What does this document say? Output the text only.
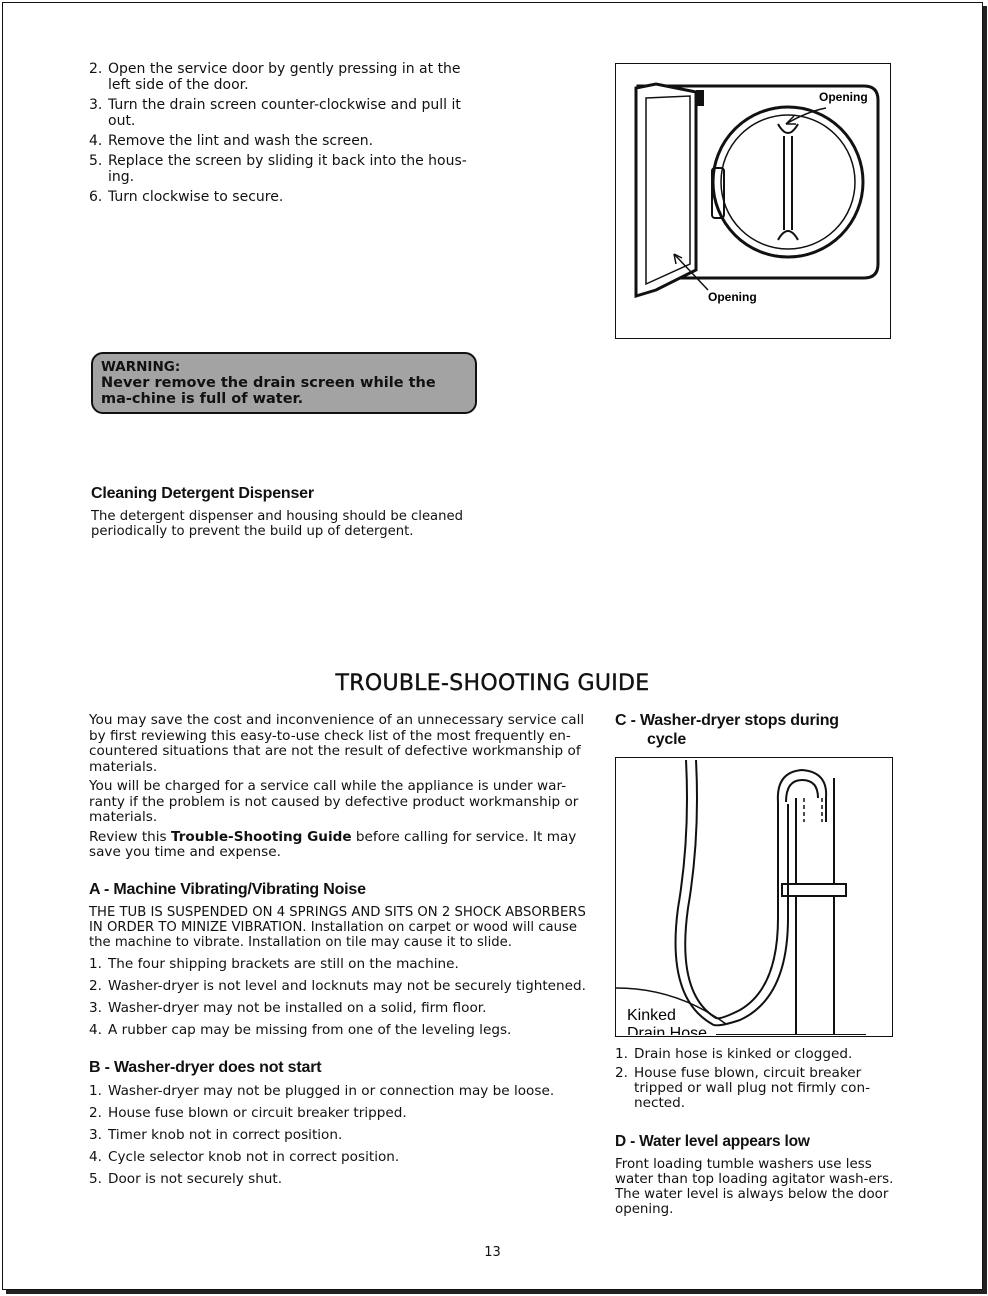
2. Open the service door by gently pressing in at the left side of the door.
3. Turn the drain screen counter-clockwise and pull it out.
4. Remove the lint and wash the screen.
5. Replace the screen by sliding it back into the hous-ing.
6. Turn clockwise to secure.
Opening
Opening
WARNING:
Never remove the drain screen while the ma-chine is full of water.
Cleaning Detergent Dispenser

The detergent dispenser and housing should be cleaned periodically to prevent the build up of detergent.

TROUBLE-SHOOTING GUIDE

You may save the cost and inconvenience of an unnecessary service call by first reviewing this easy-to-use check list of the most frequently en-countered situations that are not the result of defective workmanship of materials.

You will be charged for a service call while the appliance is under war-ranty if the problem is not caused by defective product workmanship or materials.

Review this Trouble-Shooting Guide before calling for service. It may save you time and expense.

A - Machine Vibrating/Vibrating Noise

THE TUB IS SUSPENDED ON 4 SPRINGS AND SITS ON 2 SHOCK ABSORBERS IN ORDER TO MINIZE VIBRATION. Installation on carpet or wood will cause the machine to vibrate. Installation on tile may cause it to slide.

1. The four shipping brackets are still on the machine.
2. Washer-dryer is not level and locknuts may not be securely tightened.
3. Washer-dryer may not be installed on a solid, firm floor.
4. A rubber cap may be missing from one of the leveling legs.
B - Washer-dryer does not start
1. Washer-dryer may not be plugged in or connection may be loose.
2. House fuse blown or circuit breaker tripped.
3. Timer knob not in correct position.
4. Cycle selector knob not in correct position.
5. Door is not securely shut.
C - Washer-dryer stops during
cycle
Kinked
Drain Hose
1. Drain hose is kinked or clogged.
2. House fuse blown, circuit breaker tripped or wall plug not firmly con-nected.
D - Water level appears low

Front loading tumble washers use less water than top loading agitator wash-ers. The water level is always below the door opening.

13
